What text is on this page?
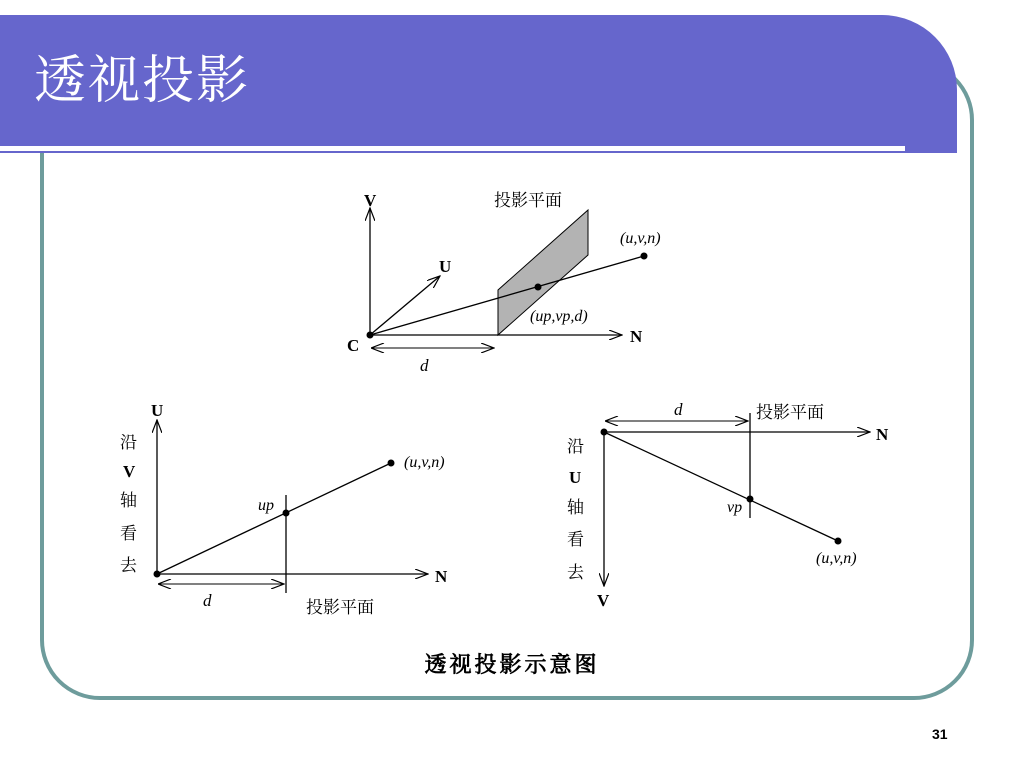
透视投影
V
U
N
C
投影平面
(u,v,n)
(up,vp,d)
d
U
N
沿
V
轴
看
去
(u,v,n)
up
d	投影平面
N
V
沿
U
轴
看
去
(u,v,n)
vp
d	投影平面
透视投影示意图
31
